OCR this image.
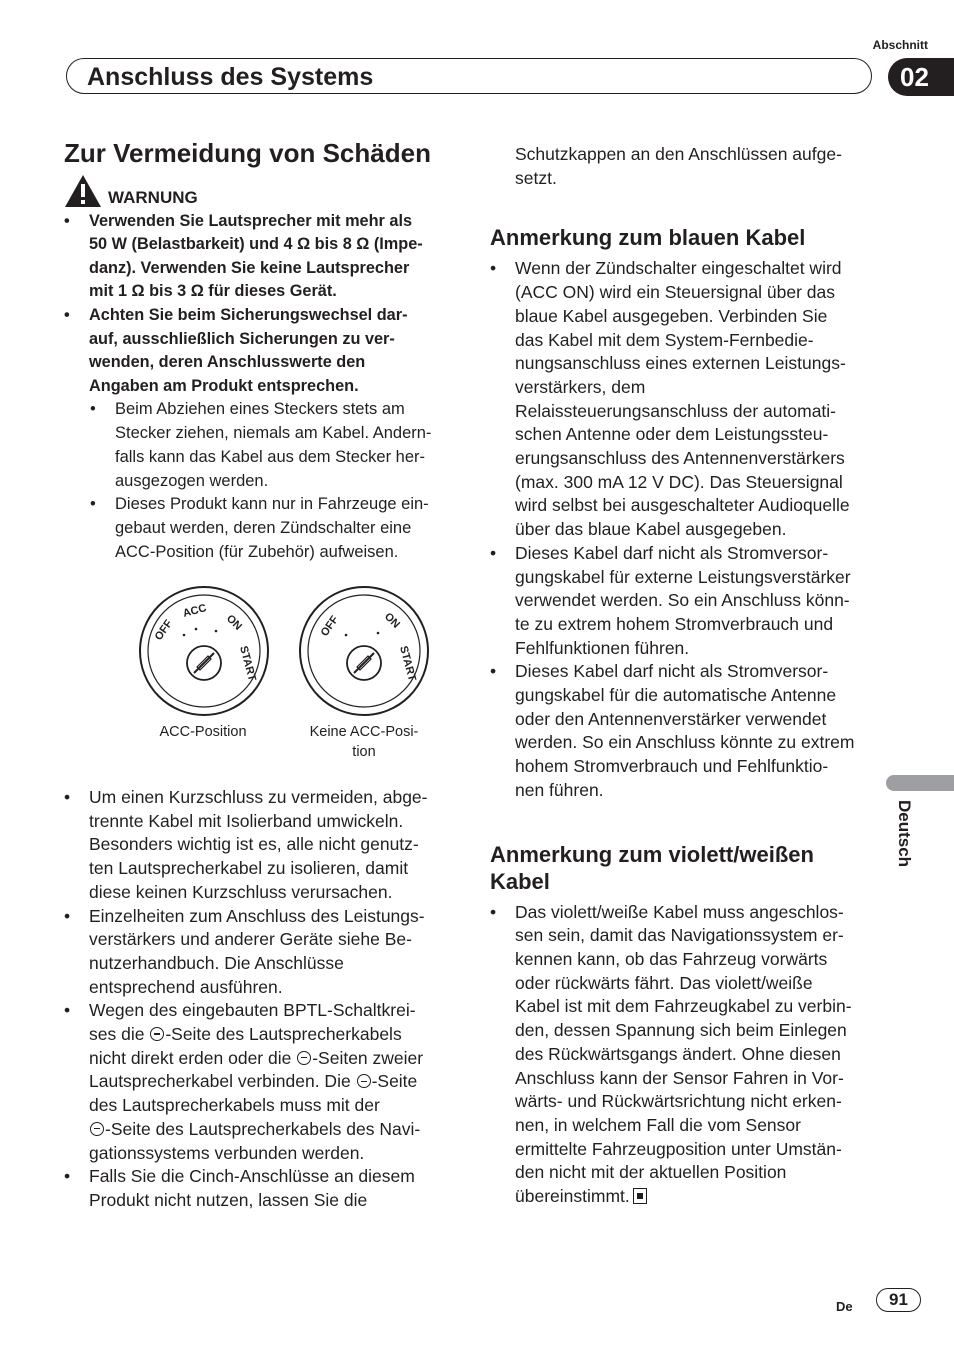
Abschnitt
Anschluss des Systems	02
Deutsch
Zur Vermeidung von Schäden
WARNUNG
• Verwenden Sie Lautsprecher mit mehr als
50 W (Belastbarkeit) und 4 Ω bis 8 Ω (Impe-
danz). Verwenden Sie keine Lautsprecher
mit 1 Ω bis 3 Ω für dieses Gerät.
• Achten Sie beim Sicherungswechsel dar-
auf, ausschließlich Sicherungen zu ver-
wenden, deren Anschlusswerte den
Angaben am Produkt entsprechen.
• Beim Abziehen eines Steckers stets am
Stecker ziehen, niemals am Kabel. Andern-
falls kann das Kabel aus dem Stecker her-
ausgezogen werden.
• Dieses Produkt kann nur in Fahrzeuge ein-
gebaut werden, deren Zündschalter eine
ACC-Position (für Zubehör) aufweisen.
OFF
ACC
ON
START
OFF	ON
START
ACC-Position	Keine ACC-Posi-
tion
• Um einen Kurzschluss zu vermeiden, abge-
trennte Kabel mit Isolierband umwickeln.
Besonders wichtig ist es, alle nicht genutz-
ten Lautsprecherkabel zu isolieren, damit
diese keinen Kurzschluss verursachen.
• Einzelheiten zum Anschluss des Leistungs-
verstärkers und anderer Geräte siehe Be-
nutzerhandbuch. Die Anschlüsse
entsprechend ausführen.
• Wegen des eingebauten BPTL-Schaltkrei-
ses die -Seite des Lautsprecherkabels
nicht direkt erden oder die -Seiten zweier
Lautsprecherkabel verbinden. Die -Seite
des Lautsprecherkabels muss mit der
-Seite des Lautsprecherkabels des Navi-
gationssystems verbunden werden.
• Falls Sie die Cinch-Anschlüsse an diesem
Produkt nicht nutzen, lassen Sie die
Schutzkappen an den Anschlüssen aufge-
setzt.
Anmerkung zum blauen Kabel
• Wenn der Zündschalter eingeschaltet wird
(ACC ON) wird ein Steuersignal über das
blaue Kabel ausgegeben. Verbinden Sie
das Kabel mit dem System-Fernbedie-
nungsanschluss eines externen Leistungs-
verstärkers, dem
Relaissteuerungsanschluss der automati-
schen Antenne oder dem Leistungssteu-
erungsanschluss des Antennenverstärkers
(max. 300 mA 12 V DC). Das Steuersignal
wird selbst bei ausgeschalteter Audioquelle
über das blaue Kabel ausgegeben.
• Dieses Kabel darf nicht als Stromversor-
gungskabel für externe Leistungsverstärker
verwendet werden. So ein Anschluss könn-
te zu extrem hohem Stromverbrauch und
Fehlfunktionen führen.
• Dieses Kabel darf nicht als Stromversor-
gungskabel für die automatische Antenne
oder den Antennenverstärker verwendet
werden. So ein Anschluss könnte zu extrem
hohem Stromverbrauch und Fehlfunktio-
nen führen.
Anmerkung zum violett/weißen
Kabel
• Das violett/weiße Kabel muss angeschlos-
sen sein, damit das Navigationssystem er-
kennen kann, ob das Fahrzeug vorwärts
oder rückwärts fährt. Das violett/weiße
Kabel ist mit dem Fahrzeugkabel zu verbin-
den, dessen Spannung sich beim Einlegen
des Rückwärtsgangs ändert. Ohne diesen
Anschluss kann der Sensor Fahren in Vor-
wärts- und Rückwärtsrichtung nicht erken-
nen, in welchem Fall die vom Sensor
ermittelte Fahrzeugposition unter Umstän-
den nicht mit der aktuellen Position
übereinstimmt.
De	91
